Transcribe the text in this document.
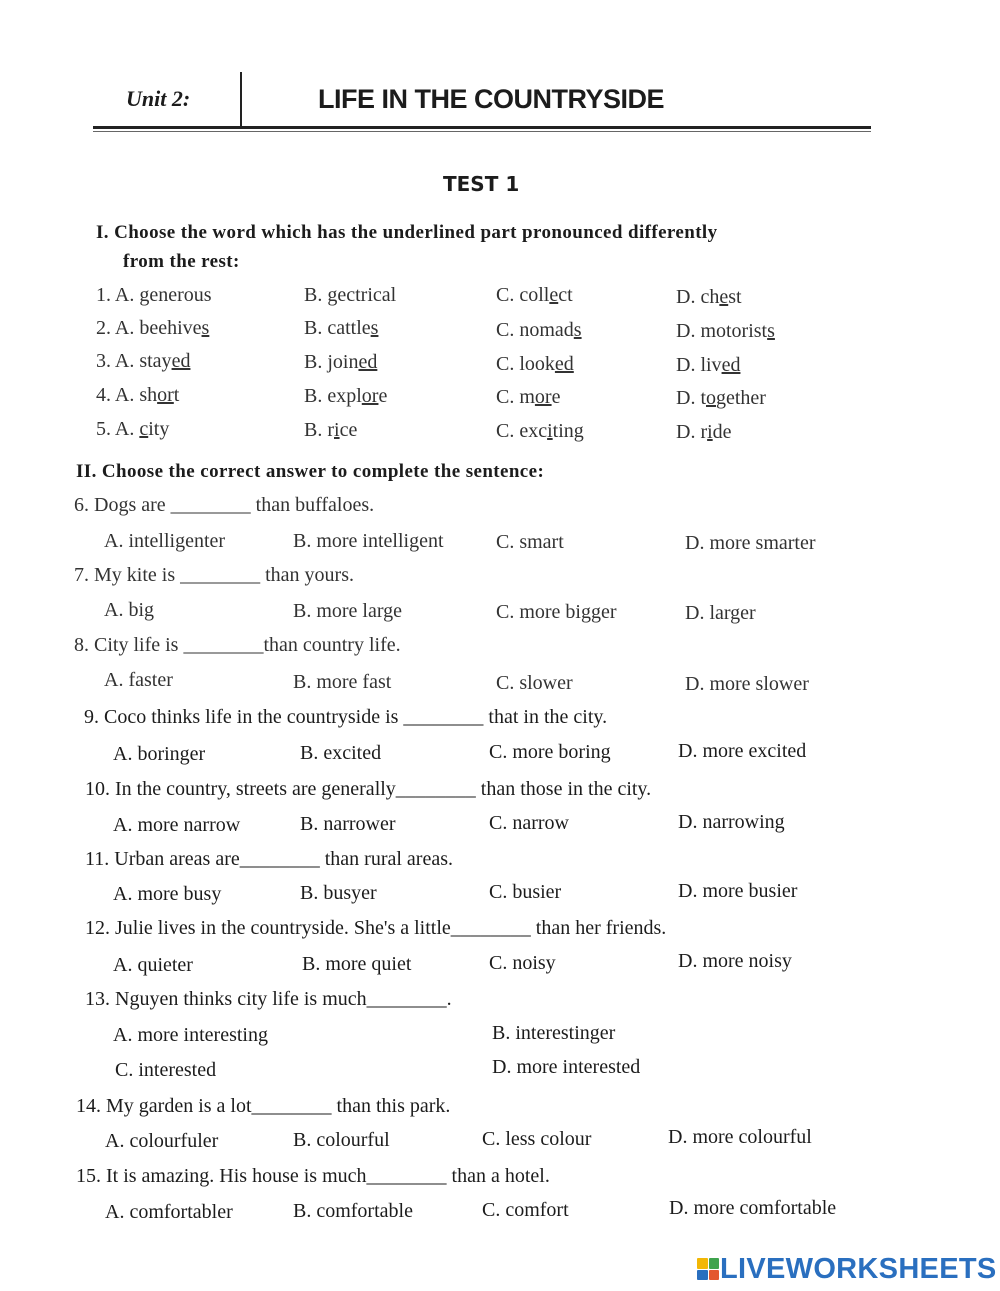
Unit 2:	LIFE IN THE COUNTRYSIDE
TEST 1
I. Choose the word which has the underlined part pronounced differently
from the rest:
1. A. generous	B. gectrical	C. collect	D. chest
2. A. beehives	B. cattles	C. nomads	D. motorists
3. A. stayed	B. joined	C. looked	D. lived
4. A. short	B. explore	C. more	D. together
5. A. city	B. rice	C. exciting	D. ride
II. Choose the correct answer to complete the sentence:
6. Dogs are ________ than buffaloes.
A. intelligenter	B. more intelligent	C. smart	D. more smarter
7. My kite is ________ than yours.
A. big	B. more large	C. more bigger	D. larger
8. City life is ________than country life.
A. faster	B. more fast	C. slower	D. more slower
9. Coco thinks life in the countryside is ________ that in the city.
A. boringer	B. excited	C. more boring	D. more excited
10. In the country, streets are generally________ than those in the city.
A. more narrow	B. narrower	C. narrow	D. narrowing
11. Urban areas are________ than rural areas.
A. more busy	B. busyer	C. busier	D. more busier
12. Julie lives in the countryside. She's a little________ than her friends.
A. quieter	B. more quiet	C. noisy	D. more noisy
13. Nguyen thinks city life is much________.
A. more interesting	B. interestinger
C. interested	D. more interested
14. My garden is a lot________ than this park.
A. colourfuler	B. colourful	C. less colour	D. more colourful
15. It is amazing. His house is much________ than a hotel.
A. comfortabler	B. comfortable	C. comfort	D. more comfortable
LIVEWORKSHEETS
